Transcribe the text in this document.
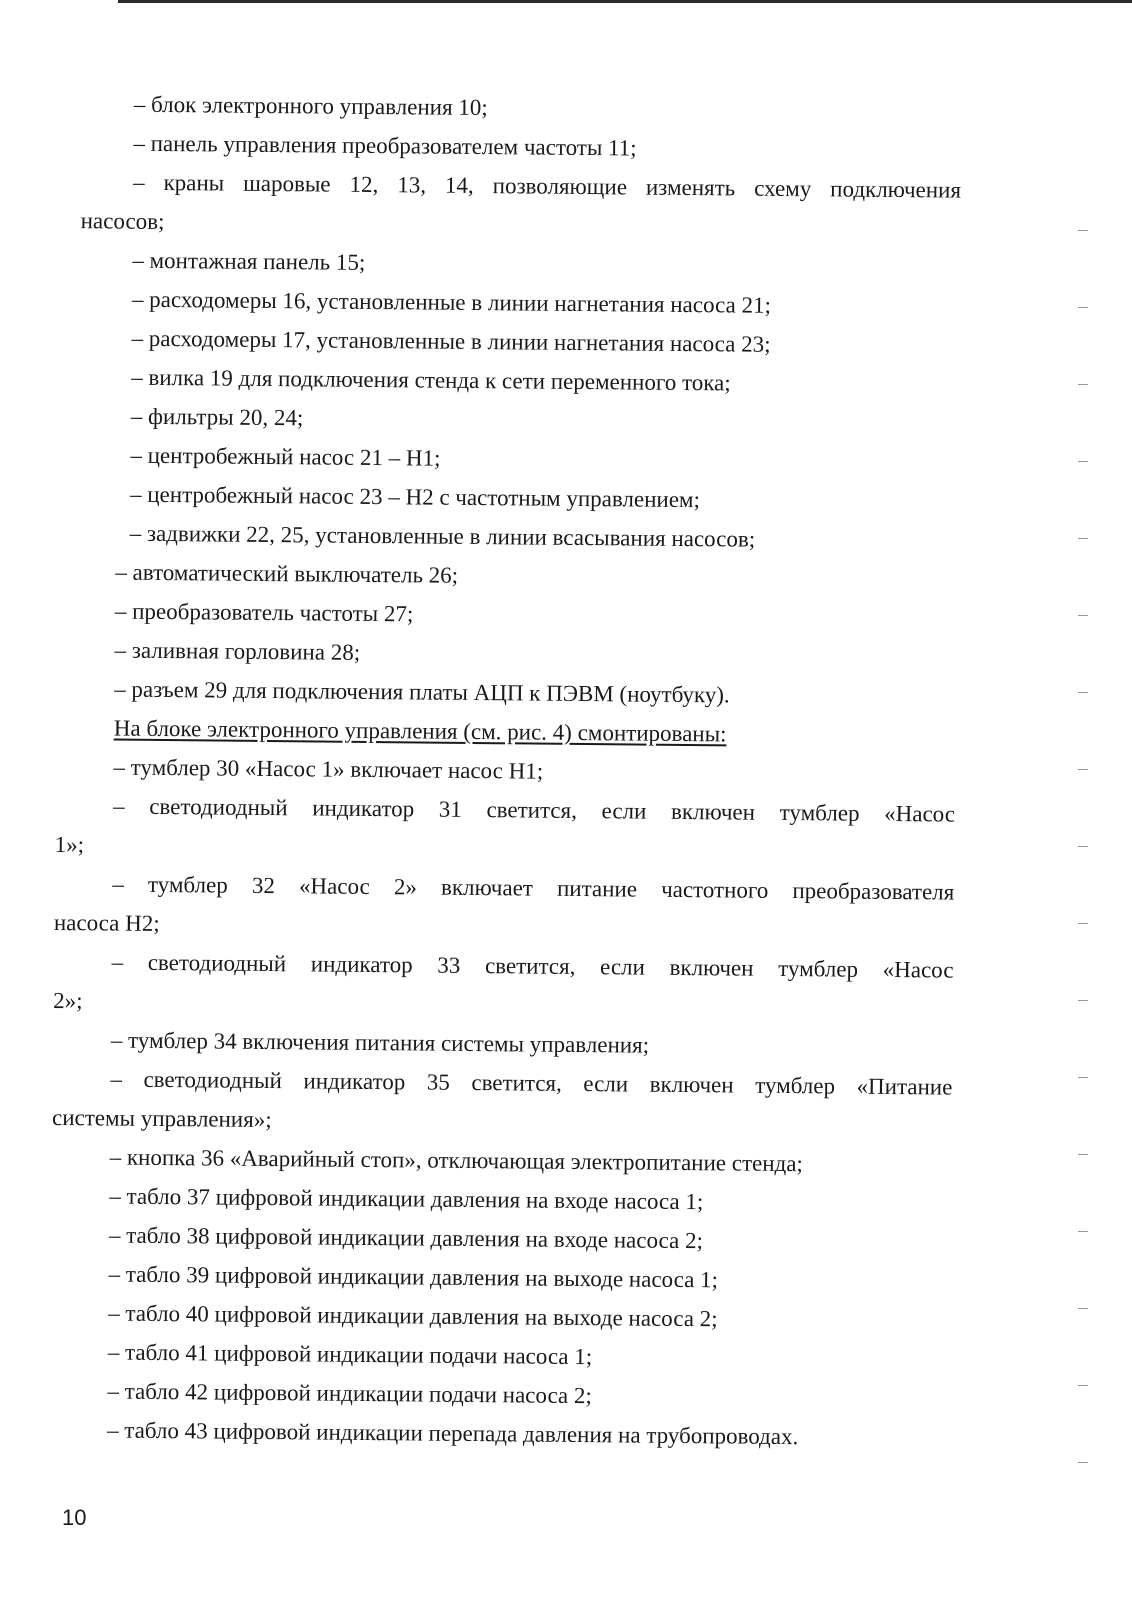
– блок электронного управления 10;
– панель управления преобразователем частоты 11;
– краны шаровые 12, 13, 14, позволяющие изменять схему подключения
насосов;
– монтажная панель 15;
– расходомеры 16, установленные в линии нагнетания насоса 21;
– расходомеры 17, установленные в линии нагнетания насоса 23;
– вилка 19 для подключения стенда к сети переменного тока;
– фильтры 20, 24;
– центробежный насос 21 – Н1;
– центробежный насос 23 – Н2 с частотным управлением;
– задвижки 22, 25, установленные в линии всасывания насосов;
– автоматический выключатель 26;
– преобразователь частоты 27;
– заливная горловина 28;
– разъем 29 для подключения платы АЦП к ПЭВМ (ноутбуку).
На блоке электронного управления (см. рис. 4) смонтированы:
– тумблер 30 «Насос 1» включает насос Н1;
– светодиодный индикатор 31 светится, если включен тумблер «Насос
1»;
– тумблер 32 «Насос 2» включает питание частотного преобразователя
насоса Н2;
– светодиодный индикатор 33 светится, если включен тумблер «Насос
2»;
– тумблер 34 включения питания системы управления;
– светодиодный индикатор 35 светится, если включен тумблер «Питание
системы управления»;
– кнопка 36 «Аварийный стоп», отключающая электропитание стенда;
– табло 37 цифровой индикации давления на входе насоса 1;
– табло 38 цифровой индикации давления на входе насоса 2;
– табло 39 цифровой индикации давления на выходе насоса 1;
– табло 40 цифровой индикации давления на выходе насоса 2;
– табло 41 цифровой индикации подачи насоса 1;
– табло 42 цифровой индикации подачи насоса 2;
– табло 43 цифровой индикации перепада давления на трубопроводах.
10
